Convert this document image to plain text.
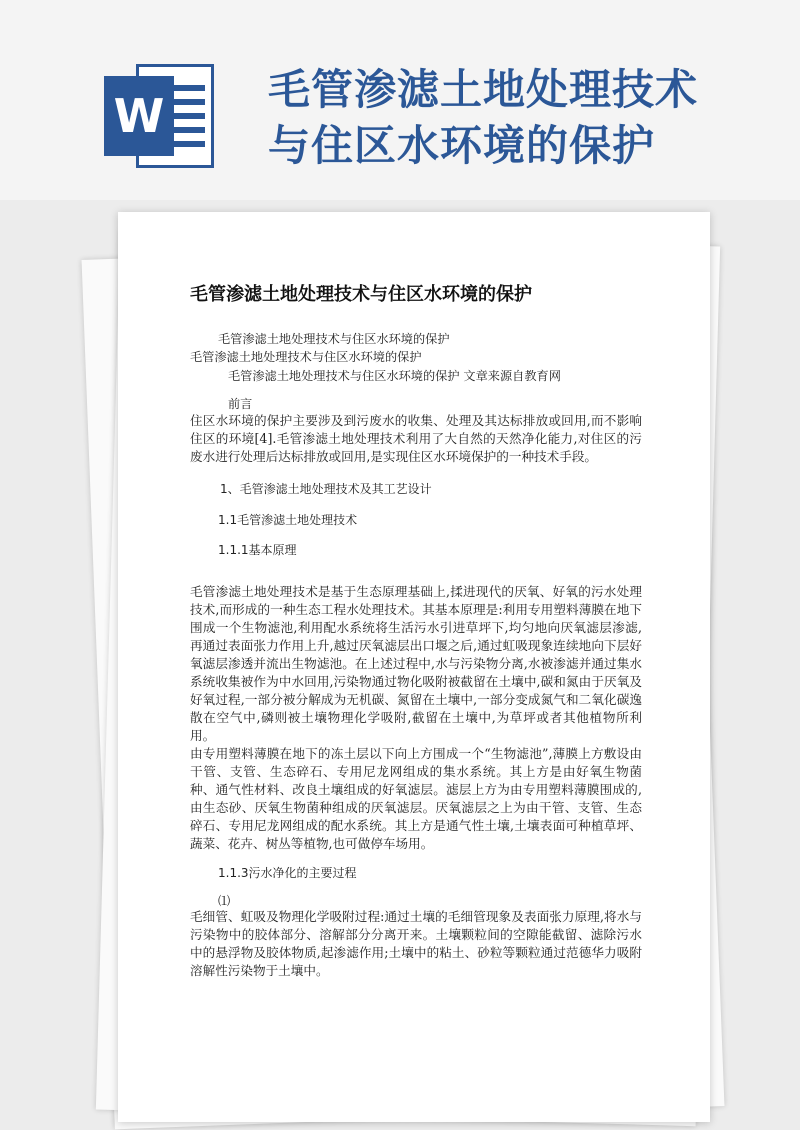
W 毛管渗滤土地处理技术
与住区水环境的保护
毛管渗滤土地处理技术与住区水环境的保护
毛管渗滤土地处理技术与住区水环境的保护
毛管渗滤土地处理技术与住区水环境的保护
毛管渗滤土地处理技术与住区水环境的保护 文章来源自教育网
前言
住区水环境的保护主要涉及到污废水的收集、处理及其达标排放或回用,而不影响住区的环境[4].毛管渗滤土地处理技术利用了大自然的天然净化能力,对住区的污废水进行处理后达标排放或回用,是实现住区水环境保护的一种技术手段。
1、毛管渗滤土地处理技术及其工艺设计
1.1毛管渗滤土地处理技术
1.1.1基本原理
毛管渗滤土地处理技术是基于生态原理基础上,揉进现代的厌氧、好氧的污水处理技术,而形成的一种生态工程水处理技术。其基本原理是:利用专用塑料薄膜在地下围成一个生物滤池,利用配水系统将生活污水引进草坪下,均匀地向厌氧滤层渗滤,再通过表面张力作用上升,越过厌氧滤层出口堰之后,通过虹吸现象连续地向下层好氧滤层渗透并流出生物滤池。在上述过程中,水与污染物分离,水被渗滤并通过集水系统收集被作为中水回用,污染物通过物化吸附被截留在土壤中,碳和氮由于厌氧及好氧过程,一部分被分解成为无机碳、氮留在土壤中,一部分变成氮气和二氧化碳逸散在空气中,磷则被土壤物理化学吸附,截留在土壤中,为草坪或者其他植物所利用。
由专用塑料薄膜在地下的冻土层以下向上方围成一个“生物滤池”,薄膜上方敷设由干管、支管、生态碎石、专用尼龙网组成的集水系统。其上方是由好氧生物菌种、通气性材料、改良土壤组成的好氧滤层。滤层上方为由专用塑料薄膜围成的,由生态砂、厌氧生物菌种组成的厌氧滤层。厌氧滤层之上为由干管、支管、生态碎石、专用尼龙网组成的配水系统。其上方是通气性土壤,土壤表面可种植草坪、蔬菜、花卉、树丛等植物,也可做停车场用。
1.1.3污水净化的主要过程
⑴
毛细管、虹吸及物理化学吸附过程:通过土壤的毛细管现象及表面张力原理,将水与污染物中的胶体部分、溶解部分分离开来。土壤颗粒间的空隙能截留、滤除污水中的悬浮物及胶体物质,起渗滤作用;土壤中的粘土、砂粒等颗粒通过范德华力吸附溶解性污染物于土壤中。
